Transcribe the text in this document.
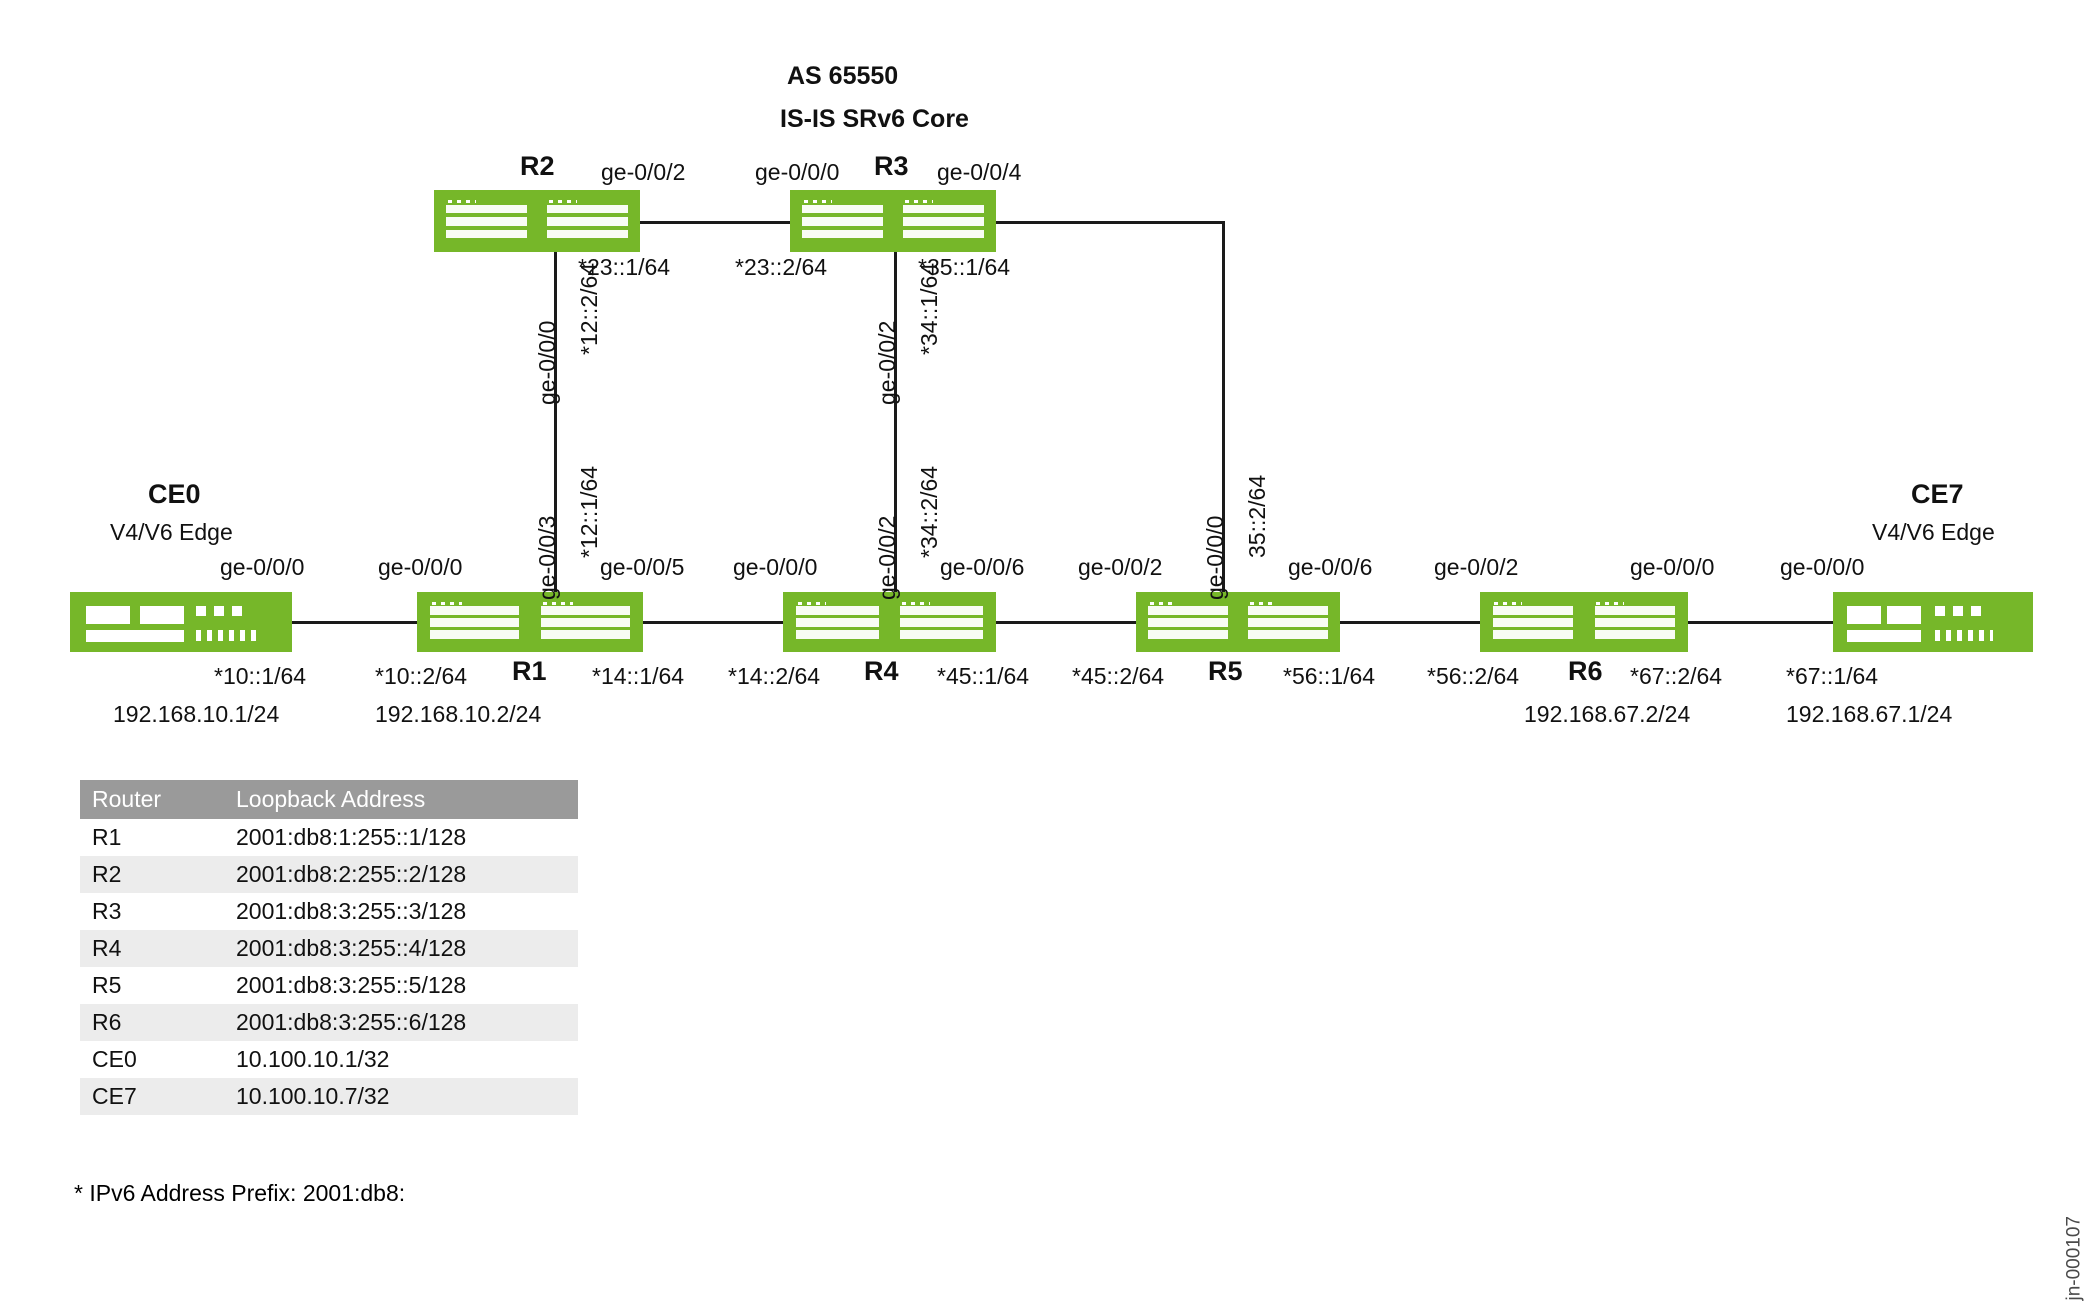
AS 65550
IS-IS SRv6 Core
R2	R3
CE0
V4/V6 Edge
CE7
V4/V6 Edge
R1	R4	R5	R6
ge-0/0/2	ge-0/0/0	ge-0/0/4
*23::1/64	*23::2/64	*35::1/64
ge-0/0/0
*12::2/64
ge-0/0/2
*34::1/64
ge-0/0/3 *12::1/64	ge-0/0/2 *34::2/64	ge-0/0/0 35::2/64
ge-0/0/0	ge-0/0/0	ge-0/0/5 ge-0/0/0	ge-0/0/6 ge-0/0/2	ge-0/0/6	ge-0/0/2	ge-0/0/0	ge-0/0/0
*10::1/64	*10::2/64	*14::1/64 *14::2/64	*45::1/64 *45::2/64	*56::1/64 *56::2/64	*67::2/64	*67::1/64
192.168.10.1/24	192.168.10.2/24	192.168.67.2/24	192.168.67.1/24
Router	Loopback Address
R1	2001:db8:1:255::1/128
R2	2001:db8:2:255::2/128
R3	2001:db8:3:255::3/128
R4	2001:db8:3:255::4/128
R5	2001:db8:3:255::5/128
R6	2001:db8:3:255::6/128
CE0	10.100.10.1/32
CE7	10.100.10.7/32
* IPv6 Address Prefix: 2001:db8:
jn-000107
